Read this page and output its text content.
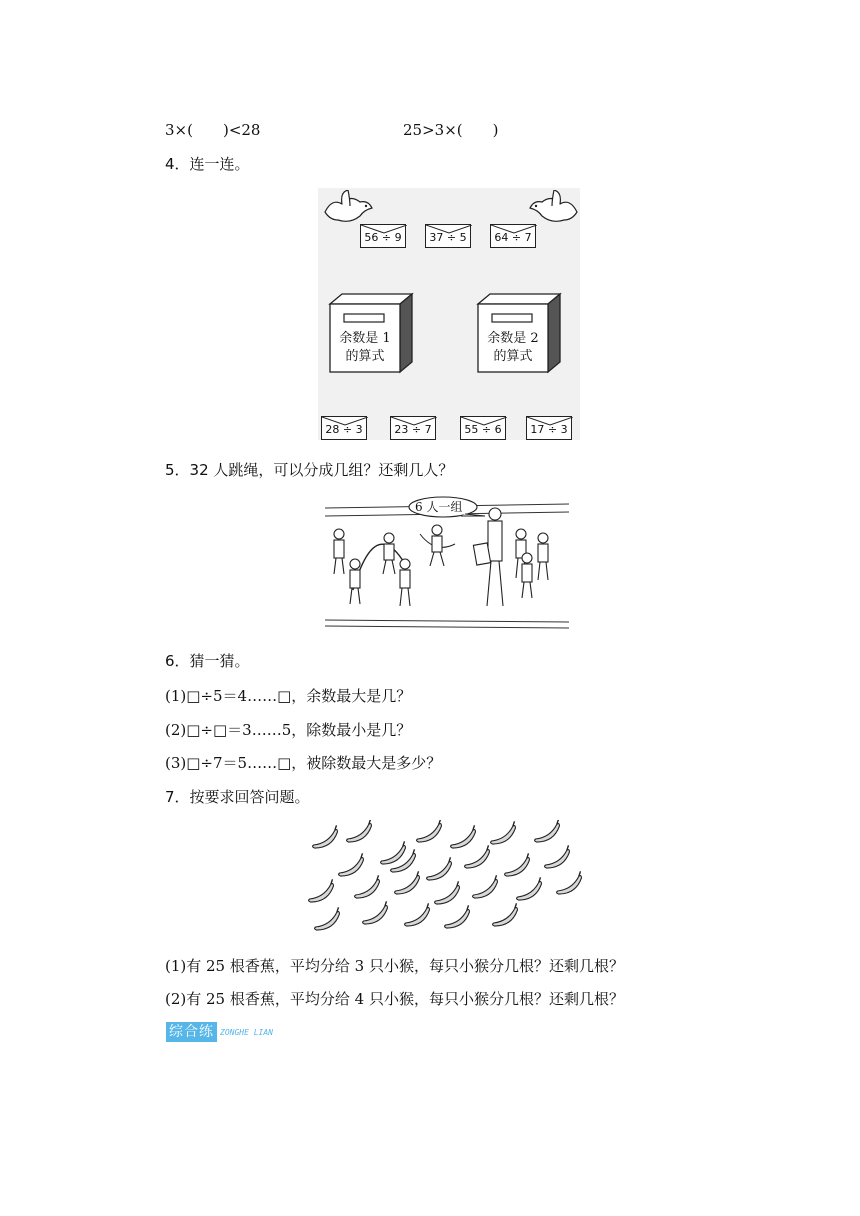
3×(　　)<28	25>3×(　　)
4．连一连。
56 ÷ 9	37 ÷ 5	64 ÷ 7
余数是 1
的算式
余数是 2
的算式
28 ÷ 3	23 ÷ 7	55 ÷ 6	17 ÷ 3
5．32 人跳绳，可以分成几组？还剩几人？
6 人一组
6．猜一猜。
(1)□÷5＝4……□，余数最大是几？
(2)□÷□＝3……5，除数最小是几？
(3)□÷7＝5……□，被除数最大是多少？
7．按要求回答问题。
(1)有 25 根香蕉，平均分给 3 只小猴，每只小猴分几根？还剩几根？
(2)有 25 根香蕉，平均分给 4 只小猴，每只小猴分几根？还剩几根？
综合练 ZONGHE LIAN
